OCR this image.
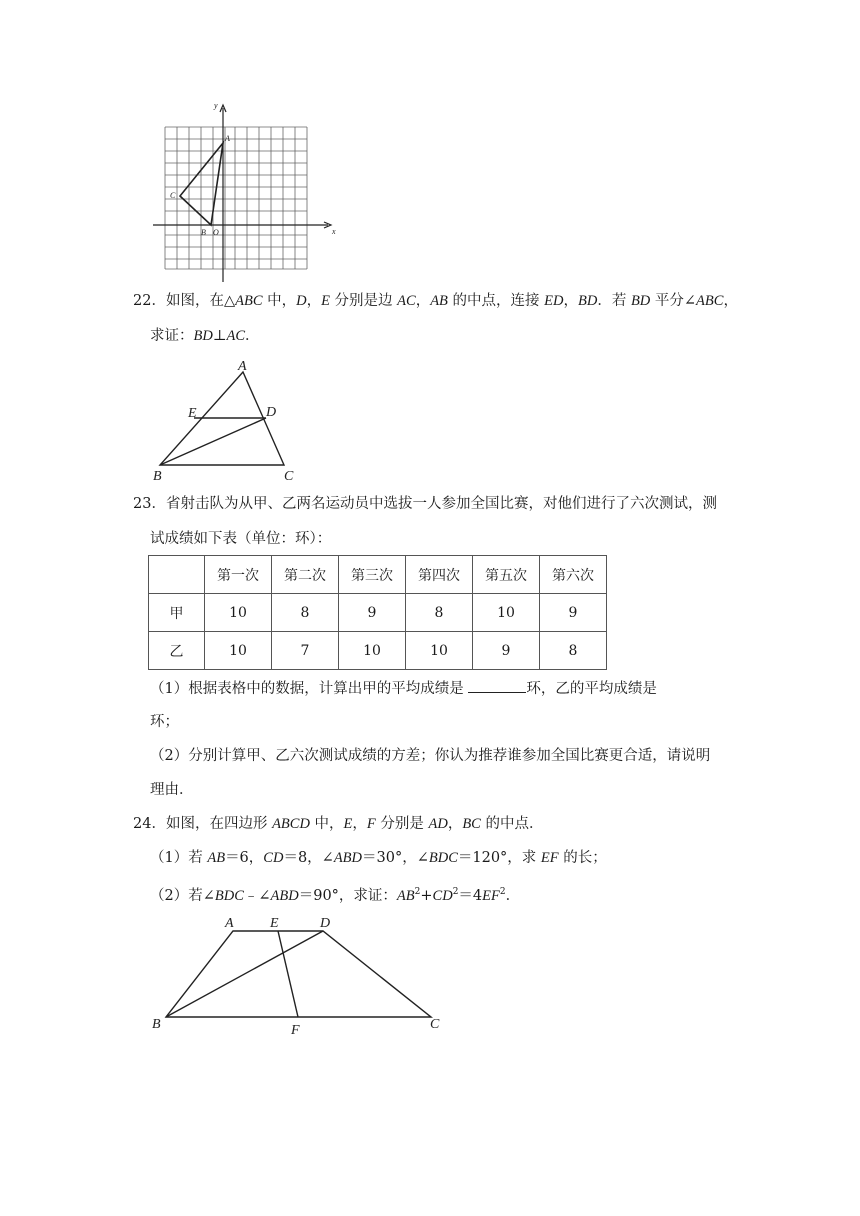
y
x
A
C
B O
22．如图，在△ABC 中，D，E 分别是边 AC，AB 的中点，连接 ED，BD．若 BD 平分∠ABC，
求证：BD⊥AC．
A
E	D
B	C
23．省射击队为从甲、乙两名运动员中选拔一人参加全国比赛，对他们进行了六次测试，测
试成绩如下表（单位：环）：
	第一次	第二次	第三次	第四次	第五次	第六次
甲	10	8	9	8	10	9
乙	10	7	10	10	9	8
（1）根据表格中的数据，计算出甲的平均成绩是	环，乙的平均成绩是
环；
（2）分别计算甲、乙六次测试成绩的方差；你认为推荐谁参加全国比赛更合适，请说明
理由．
24．如图，在四边形 ABCD 中，E，F 分别是 AD，BC 的中点．
（1）若 AB＝6，CD＝8，∠ABD＝30°，∠BDC＝120°，求 EF 的长；
（2）若∠BDC﹣∠ABD＝90°，求证：$AB^2+CD^2=4EF^2$．
A	E	D
B	F	C
